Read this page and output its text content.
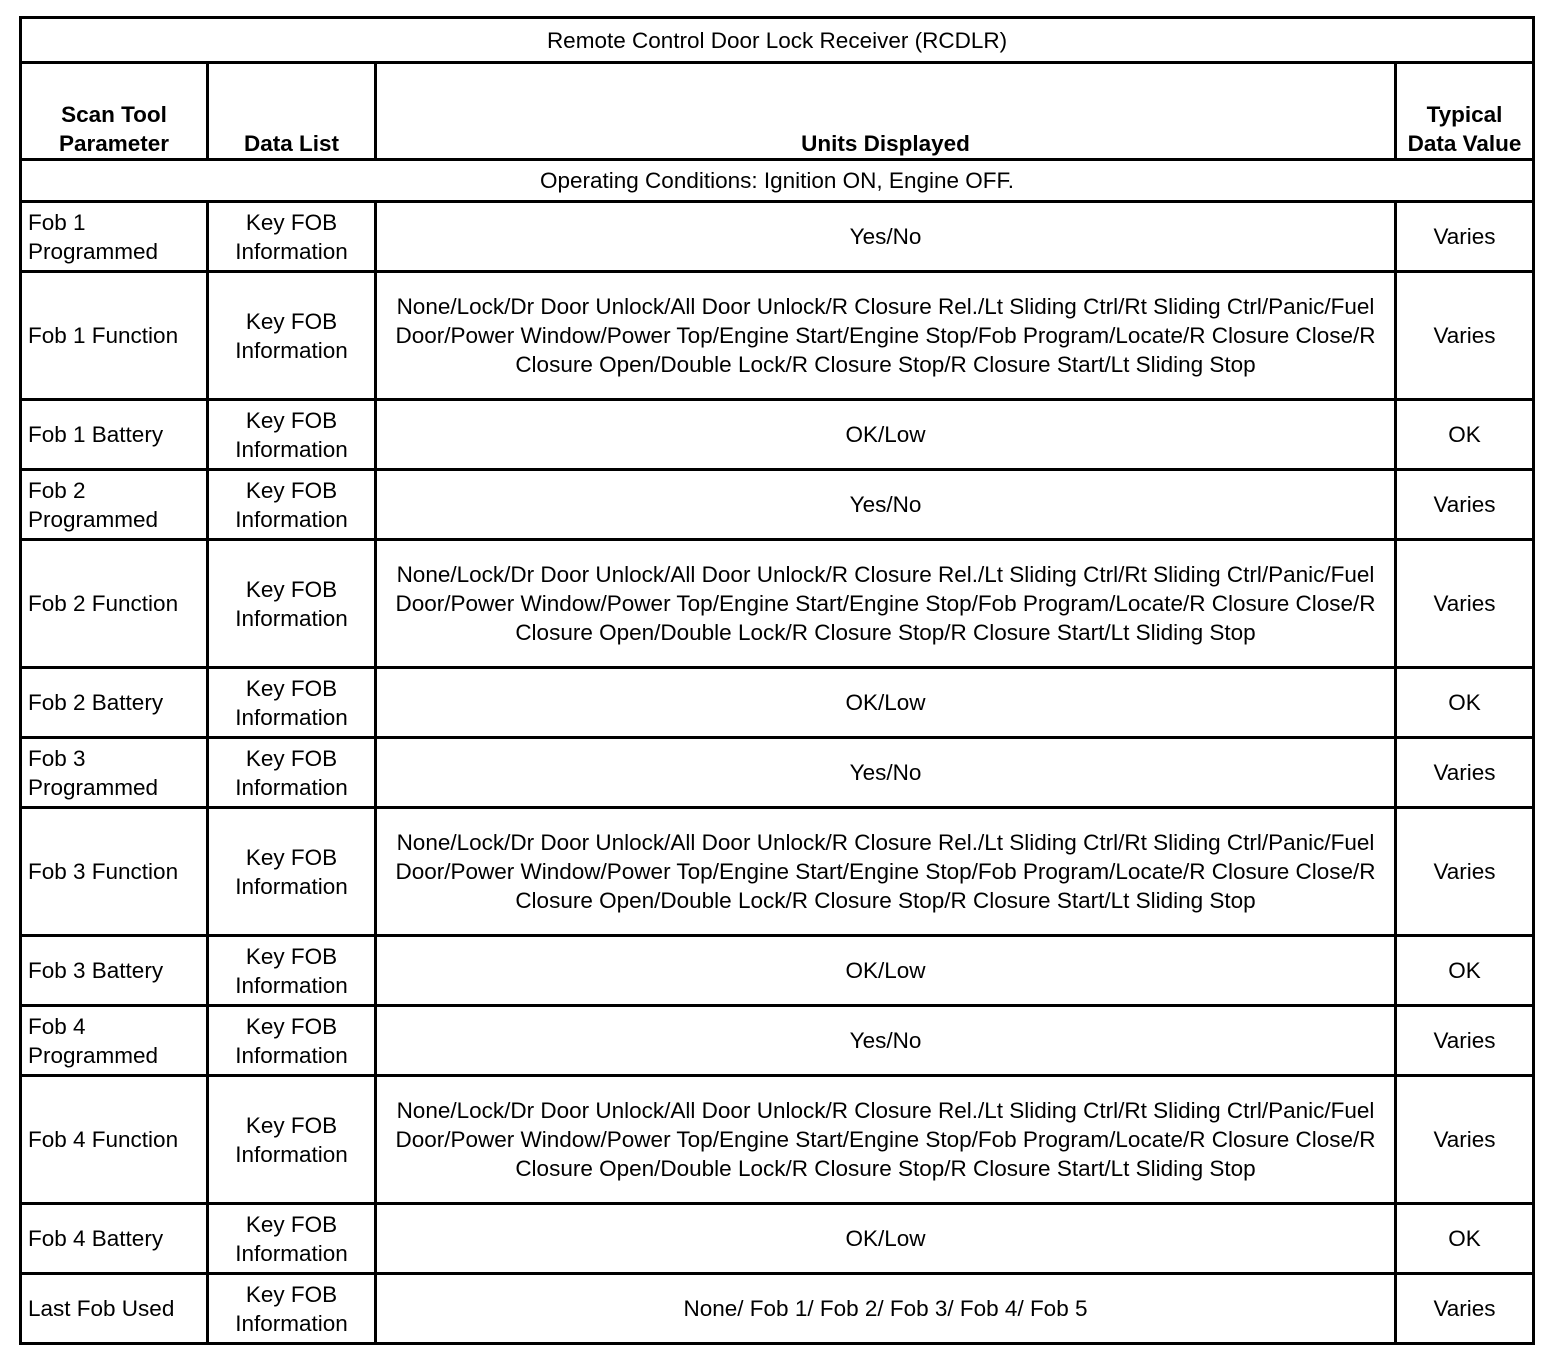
Remote Control Door Lock Receiver (RCDLR)			
Scan Tool Parameter	Data List	Units Displayed	Typical Data Value
Operating Conditions: Ignition ON, Engine OFF.			
Fob 1 Programmed	Key FOB Information	Yes/No	Varies
Fob 1 Function	Key FOB Information	None/Lock/Dr Door Unlock/All Door Unlock/R Closure Rel./Lt Sliding Ctrl/Rt Sliding Ctrl/Panic/Fuel Door/Power Window/Power Top/Engine Start/Engine Stop/Fob Program/Locate/R Closure Close/R Closure Open/Double Lock/R Closure Stop/R Closure Start/Lt Sliding Stop	Varies
Fob 1 Battery	Key FOB Information	OK/Low	OK
Fob 2 Programmed	Key FOB Information	Yes/No	Varies
Fob 2 Function	Key FOB Information	None/Lock/Dr Door Unlock/All Door Unlock/R Closure Rel./Lt Sliding Ctrl/Rt Sliding Ctrl/Panic/Fuel Door/Power Window/Power Top/Engine Start/Engine Stop/Fob Program/Locate/R Closure Close/R Closure Open/Double Lock/R Closure Stop/R Closure Start/Lt Sliding Stop	Varies
Fob 2 Battery	Key FOB Information	OK/Low	OK
Fob 3 Programmed	Key FOB Information	Yes/No	Varies
Fob 3 Function	Key FOB Information	None/Lock/Dr Door Unlock/All Door Unlock/R Closure Rel./Lt Sliding Ctrl/Rt Sliding Ctrl/Panic/Fuel Door/Power Window/Power Top/Engine Start/Engine Stop/Fob Program/Locate/R Closure Close/R Closure Open/Double Lock/R Closure Stop/R Closure Start/Lt Sliding Stop	Varies
Fob 3 Battery	Key FOB Information	OK/Low	OK
Fob 4 Programmed	Key FOB Information	Yes/No	Varies
Fob 4 Function	Key FOB Information	None/Lock/Dr Door Unlock/All Door Unlock/R Closure Rel./Lt Sliding Ctrl/Rt Sliding Ctrl/Panic/Fuel Door/Power Window/Power Top/Engine Start/Engine Stop/Fob Program/Locate/R Closure Close/R Closure Open/Double Lock/R Closure Stop/R Closure Start/Lt Sliding Stop	Varies
Fob 4 Battery	Key FOB Information	OK/Low	OK
Last Fob Used	Key FOB Information	None/ Fob 1/ Fob 2/ Fob 3/ Fob 4/ Fob 5	Varies
